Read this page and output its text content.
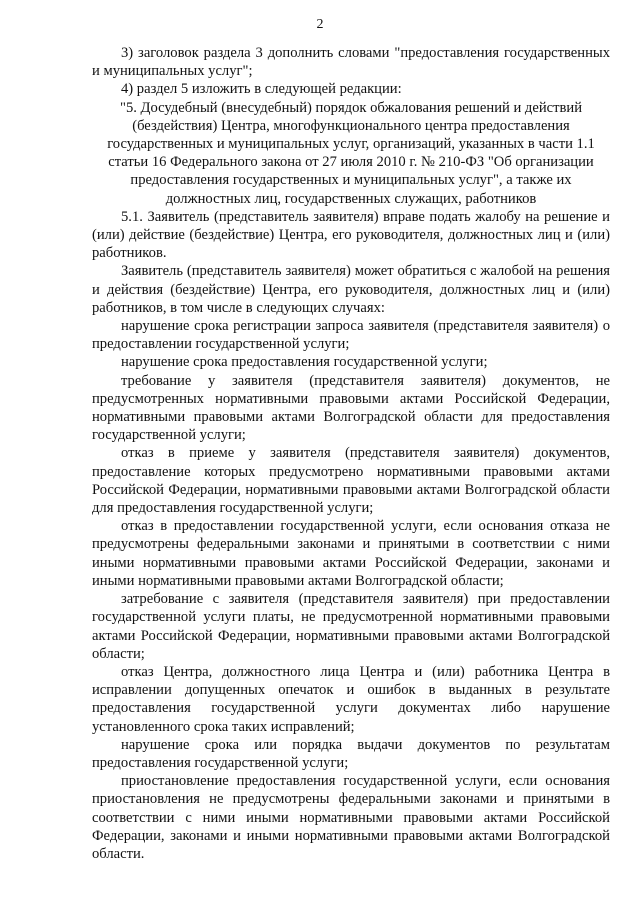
2

3) заголовок раздела 3 дополнить словами "предоставления государственных и муниципальных услуг";

4) раздел 5 изложить в следующей редакции:

"5. Досудебный (внесудебный) порядок обжалования решений и действий (бездействия) Центра, многофункционального центра предоставления государственных и муниципальных услуг, организаций, указанных в части 1.1 статьи 16 Федерального закона от 27 июля 2010 г. № 210-ФЗ "Об организации предоставления государственных и муниципальных услуг", а также их должностных лиц, государственных служащих, работников

5.1. Заявитель (представитель заявителя) вправе подать жалобу на решение и (или) действие (бездействие) Центра, его руководителя, должностных лиц и (или) работников.

Заявитель (представитель заявителя) может обратиться с жалобой на решения и действия (бездействие) Центра, его руководителя, должностных лиц и (или) работников, в том числе в следующих случаях:

нарушение срока регистрации запроса заявителя (представителя заявителя) о предоставлении государственной услуги;

нарушение срока предоставления государственной услуги;

требование у заявителя (представителя заявителя) документов, не предусмотренных нормативными правовыми актами Российской Федерации, нормативными правовыми актами Волгоградской области для предоставления государственной услуги;

отказ в приеме у заявителя (представителя заявителя) документов, предоставление которых предусмотрено нормативными правовыми актами Российской Федерации, нормативными правовыми актами Волгоградской области для предоставления государственной услуги;

отказ в предоставлении государственной услуги, если основания отказа не предусмотрены федеральными законами и принятыми в соответствии с ними иными нормативными правовыми актами Российской Федерации, законами и иными нормативными правовыми актами Волгоградской области;

затребование с заявителя (представителя заявителя) при предоставлении государственной услуги платы, не предусмотренной нормативными правовыми актами Российской Федерации, нормативными правовыми актами Волгоградской области;

отказ Центра, должностного лица Центра и (или) работника Центра в исправлении допущенных опечаток и ошибок в выданных в результате предоставления государственной услуги документах либо нарушение установленного срока таких исправлений;

нарушение срока или порядка выдачи документов по результатам предоставления государственной услуги;

приостановление предоставления государственной услуги, если основания приостановления не предусмотрены федеральными законами и принятыми в соответствии с ними иными нормативными правовыми актами Российской Федерации, законами и иными нормативными правовыми актами Волгоградской области.
